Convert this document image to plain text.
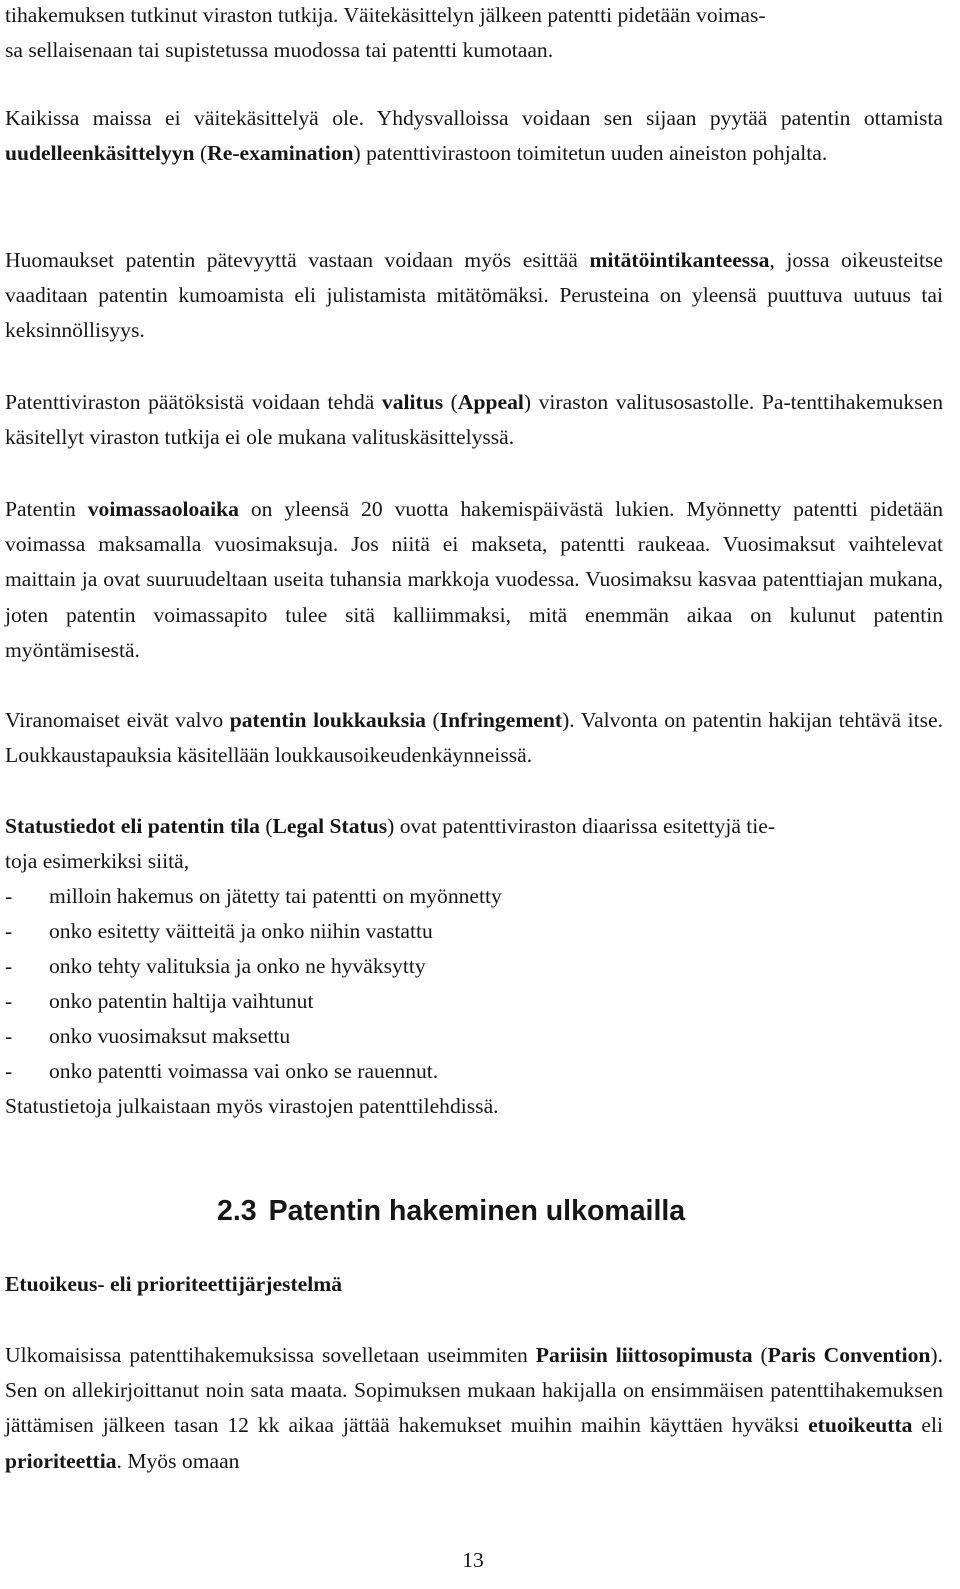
tihakemuksen tutkinut viraston tutkija. Väitekäsittelyn jälkeen patentti pidetään voimas-

sa sellaisenaan tai supistetussa muodossa tai patentti kumotaan.

Kaikissa maissa ei väitekäsittelyä ole. Yhdysvalloissa voidaan sen sijaan pyytää patentin ottamista uudelleenkäsittelyyn (Re-examination) patenttivirastoon toimitetun uuden aineiston pohjalta.

Huomaukset patentin pätevyyttä vastaan voidaan myös esittää mitätöintikanteessa, jossa oikeusteitse vaaditaan patentin kumoamista eli julistamista mitätömäksi. Perusteina on yleensä puuttuva uutuus tai keksinnöllisyys.

Patenttiviraston päätöksistä voidaan tehdä valitus (Appeal) viraston valitusosastolle. Pa-tenttihakemuksen käsitellyt viraston tutkija ei ole mukana valituskäsittelyssä.

Patentin voimassaoloaika on yleensä 20 vuotta hakemispäivästä lukien. Myönnetty patentti pidetään voimassa maksamalla vuosimaksuja. Jos niitä ei makseta, patentti raukeaa. Vuosimaksut vaihtelevat maittain ja ovat suuruudeltaan useita tuhansia markkoja vuodessa. Vuosimaksu kasvaa patenttiajan mukana, joten patentin voimassapito tulee sitä kalliimmaksi, mitä enemmän aikaa on kulunut patentin myöntämisestä.

Viranomaiset eivät valvo patentin loukkauksia (Infringement). Valvonta on patentin hakijan tehtävä itse. Loukkaustapauksia käsitellään loukkausoikeudenkäynneissä.

Statustiedot eli patentin tila (Legal Status) ovat patenttiviraston diaarissa esitettyjä tie-

toja esimerkiksi siitä,

- milloin hakemus on jätetty tai patentti on myönnetty

- onko esitetty väitteitä ja onko niihin vastattu

- onko tehty valituksia ja onko ne hyväksytty

- onko patentin haltija vaihtunut

- onko vuosimaksut maksettu

- onko patentti voimassa vai onko se rauennut.

Statustietoja julkaistaan myös virastojen patenttilehdissä.

2.3 Patentin hakeminen ulkomailla
Etuoikeus- eli prioriteettijärjestelmä

Ulkomaisissa patenttihakemuksissa sovelletaan useimmiten Pariisin liittosopimusta (Paris Convention). Sen on allekirjoittanut noin sata maata. Sopimuksen mukaan hakijalla on ensimmäisen patenttihakemuksen jättämisen jälkeen tasan 12 kk aikaa jättää hakemukset muihin maihin käyttäen hyväksi etuoikeutta eli prioriteettia. Myös omaan

13
